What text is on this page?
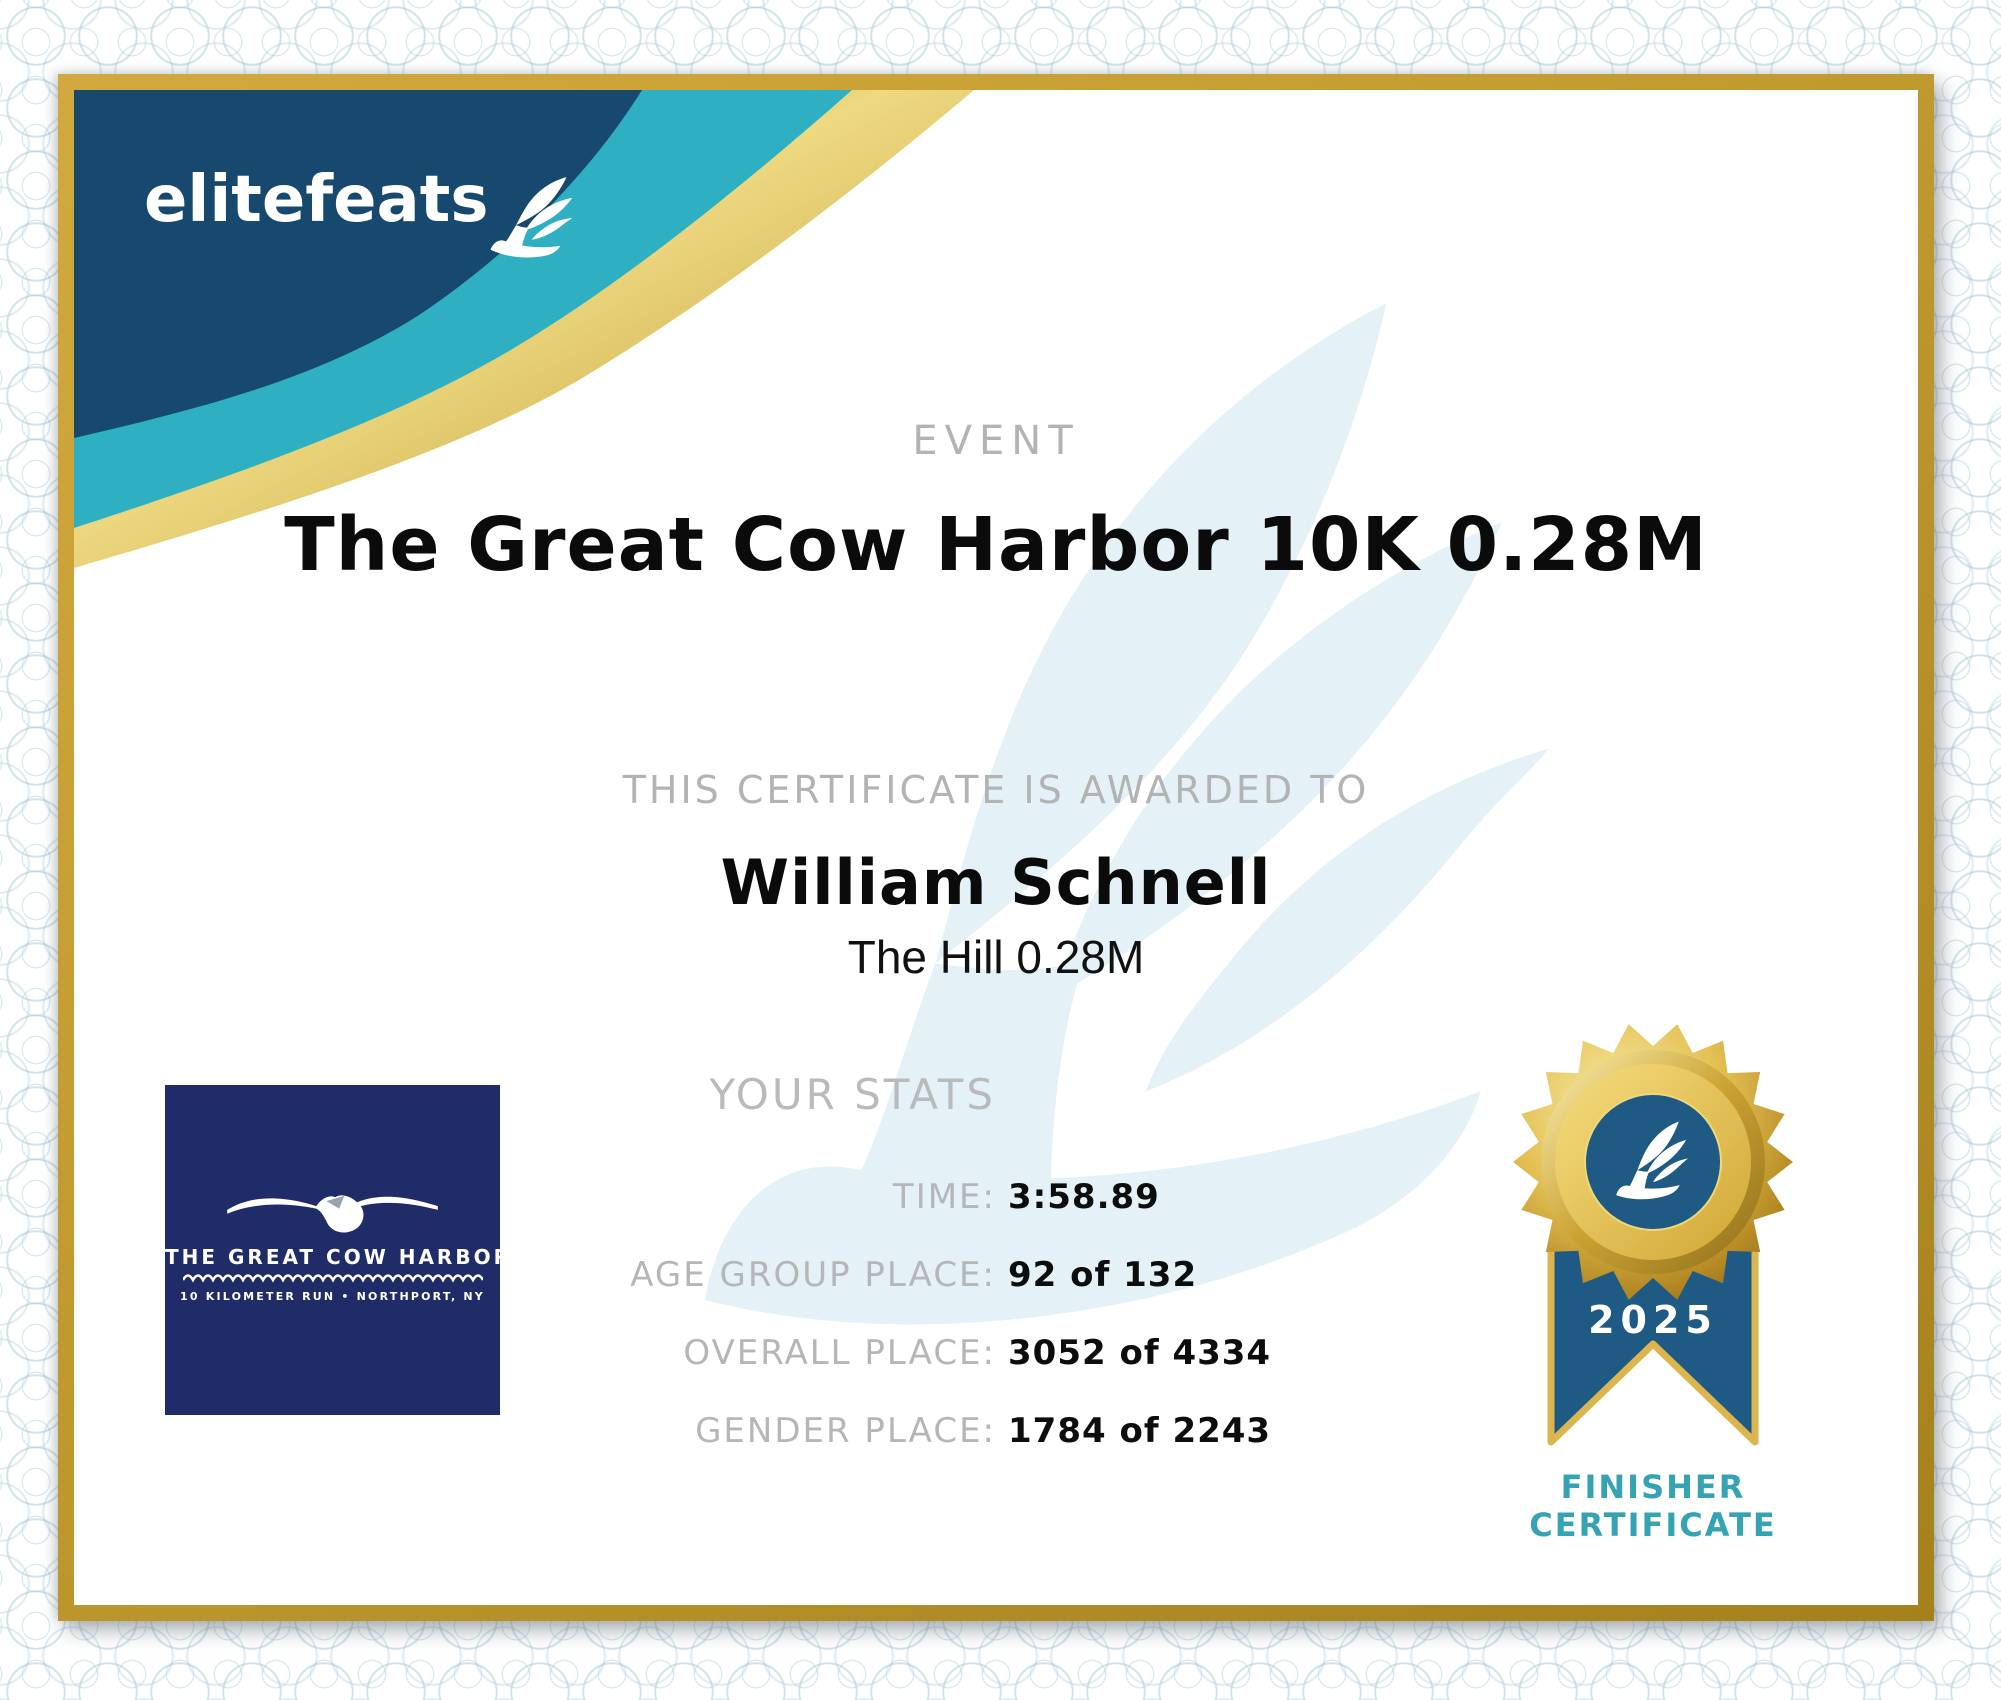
elitefeats
EVENT
The Great Cow Harbor 10K 0.28M
THIS CERTIFICATE IS AWARDED TO
William Schnell
The Hill 0.28M
YOUR STATS
TIME: 3:58.89
AGE GROUP PLACE: 92 of 132
OVERALL PLACE: 3052 of 4334
GENDER PLACE: 1784 of 2243
THE GREAT COW HARBOR
10 KILOMETER RUN • NORTHPORT, NY
2025
FINISHER
CERTIFICATE
